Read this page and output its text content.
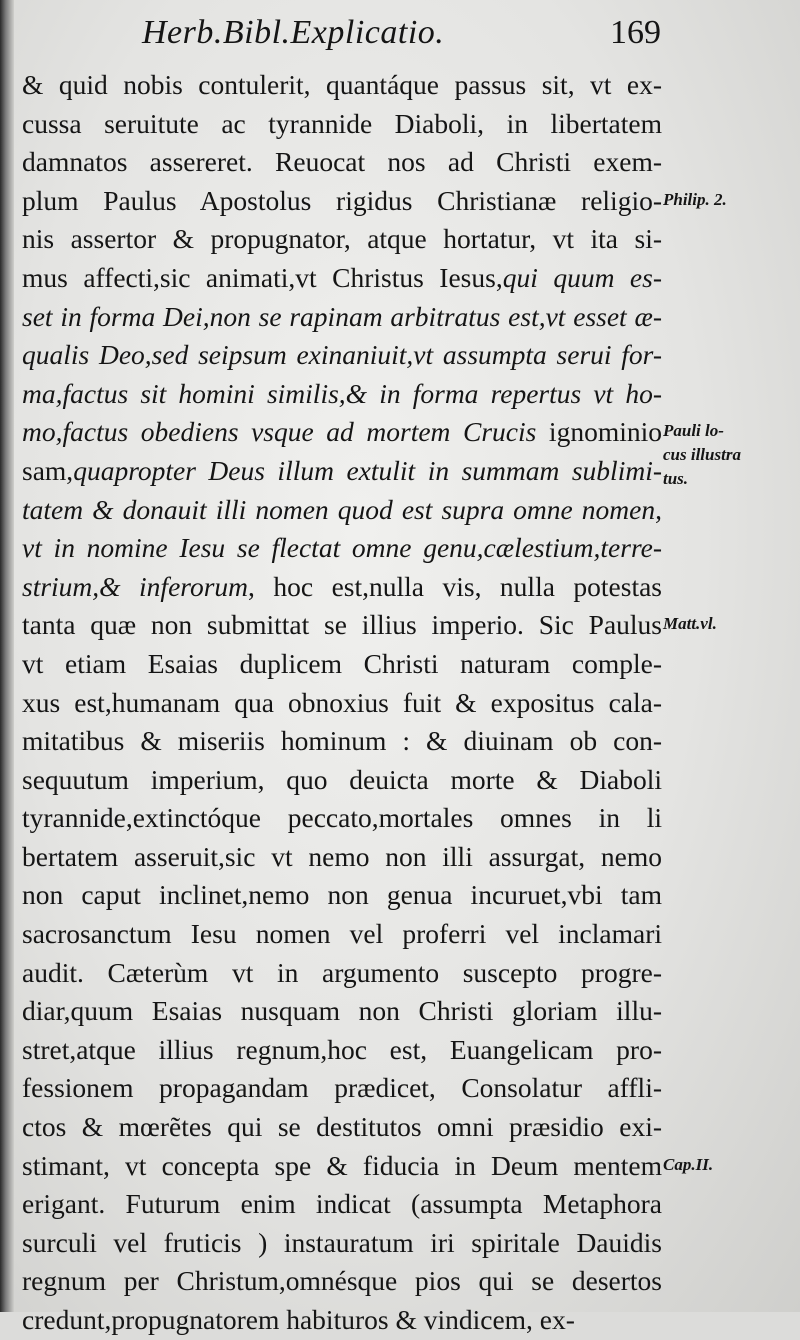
Herb.Bibl.Explicatio.	169
& quid nobis contulerit, quantáque passus sit, vt ex-
cussa seruitute ac tyrannide Diaboli, in libertatem
damnatos assereret. Reuocat nos ad Christi exem-
plum Paulus Apostolus rigidus Christianæ religio-
nis assertor & propugnator, atque hortatur, vt ita si-
mus affecti,sic animati,vt Christus Iesus,qui quum es-
set in forma Dei,non se rapinam arbitratus est,vt esset æ-
qualis Deo,sed seipsum exinaniuit,vt assumpta serui for-
ma,factus sit homini similis,& in forma repertus vt ho-
mo,factus obediens vsque ad mortem Crucis ignominio
sam,quapropter Deus illum extulit in summam sublimi-
tatem & donauit illi nomen quod est supra omne nomen,
vt in nomine Iesu se flectat omne genu,cælestium,terre-
strium,& inferorum, hoc est,nulla vis, nulla potestas
tanta quæ non submittat se illius imperio. Sic Paulus
vt etiam Esaias duplicem Christi naturam comple-
xus est,humanam qua obnoxius fuit & expositus cala-
mitatibus & miseriis hominum : & diuinam ob con-
sequutum imperium, quo deuicta morte & Diaboli
tyrannide,extinctóque peccato,mortales omnes in li
bertatem asseruit,sic vt nemo non illi assurgat, nemo
non caput inclinet,nemo non genua incuruet,vbi tam
sacrosanctum Iesu nomen vel proferri vel inclamari
audit. Cæterùm vt in argumento suscepto progre-
diar,quum Esaias nusquam non Christi gloriam illu-
stret,atque illius regnum,hoc est, Euangelicam pro-
fessionem propagandam prædicet, Consolatur affli-
ctos & mœrẽtes qui se destitutos omni præsidio exi-
stimant, vt concepta spe & fiducia in Deum mentem
erigant. Futurum enim indicat (assumpta Metaphora
surculi vel fruticis ) instauratum iri spiritale Dauidis
regnum per Christum,omnésque pios qui se desertos
credunt,propugnatorem habituros & vindicem, ex-
Philip. 2.
Pauli lo-
cus illustra
tus.
Matt.vl.
Cap.II.
